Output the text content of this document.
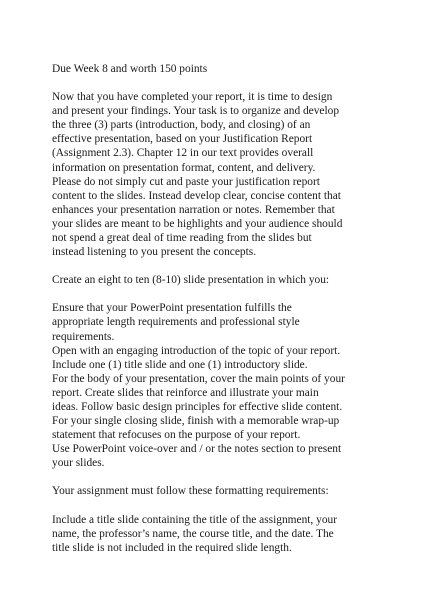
Due Week 8 and worth 150 points
Now that you have completed your report, it is time to design
and present your findings. Your task is to organize and develop
the three (3) parts (introduction, body, and closing) of an
effective presentation, based on your Justification Report
(Assignment 2.3). Chapter 12 in our text provides overall
information on presentation format, content, and delivery.
Please do not simply cut and paste your justification report
content to the slides. Instead develop clear, concise content that
enhances your presentation narration or notes. Remember that
your slides are meant to be highlights and your audience should
not spend a great deal of time reading from the slides but
instead listening to you present the concepts.
Create an eight to ten (8-10) slide presentation in which you:
Ensure that your PowerPoint presentation fulfills the
appropriate length requirements and professional style
requirements.
Open with an engaging introduction of the topic of your report.
Include one (1) title slide and one (1) introductory slide.
For the body of your presentation, cover the main points of your
report. Create slides that reinforce and illustrate your main
ideas. Follow basic design principles for effective slide content.
For your single closing slide, finish with a memorable wrap-up
statement that refocuses on the purpose of your report.
Use PowerPoint voice-over and / or the notes section to present
your slides.
Your assignment must follow these formatting requirements:
Include a title slide containing the title of the assignment, your
name, the professor’s name, the course title, and the date. The
title slide is not included in the required slide length.
